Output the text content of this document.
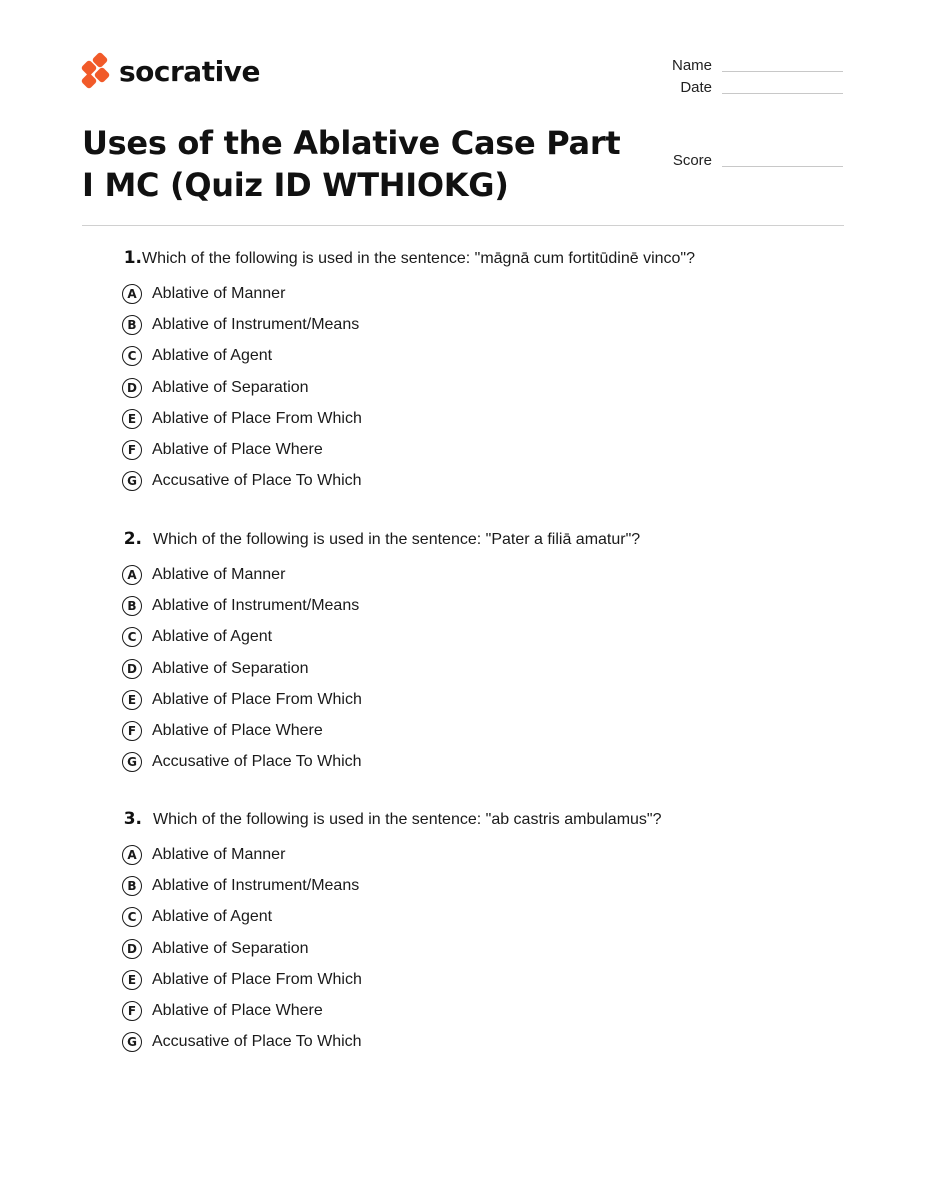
socrative
Uses of the Ablative Case Part I MC (Quiz ID WTHIOKG)
Name
Date
Score
1. Which of the following is used in the sentence: "māgnā cum fortitūdinē vinco"?
A Ablative of Manner
B Ablative of Instrument/Means
C Ablative of Agent
D Ablative of Separation
E Ablative of Place From Which
F Ablative of Place Where
G Accusative of Place To Which
2. Which of the following is used in the sentence: "Pater a filiā amatur"?
A Ablative of Manner
B Ablative of Instrument/Means
C Ablative of Agent
D Ablative of Separation
E Ablative of Place From Which
F Ablative of Place Where
G Accusative of Place To Which
3. Which of the following is used in the sentence: "ab castris ambulamus"?
A Ablative of Manner
B Ablative of Instrument/Means
C Ablative of Agent
D Ablative of Separation
E Ablative of Place From Which
F Ablative of Place Where
G Accusative of Place To Which
